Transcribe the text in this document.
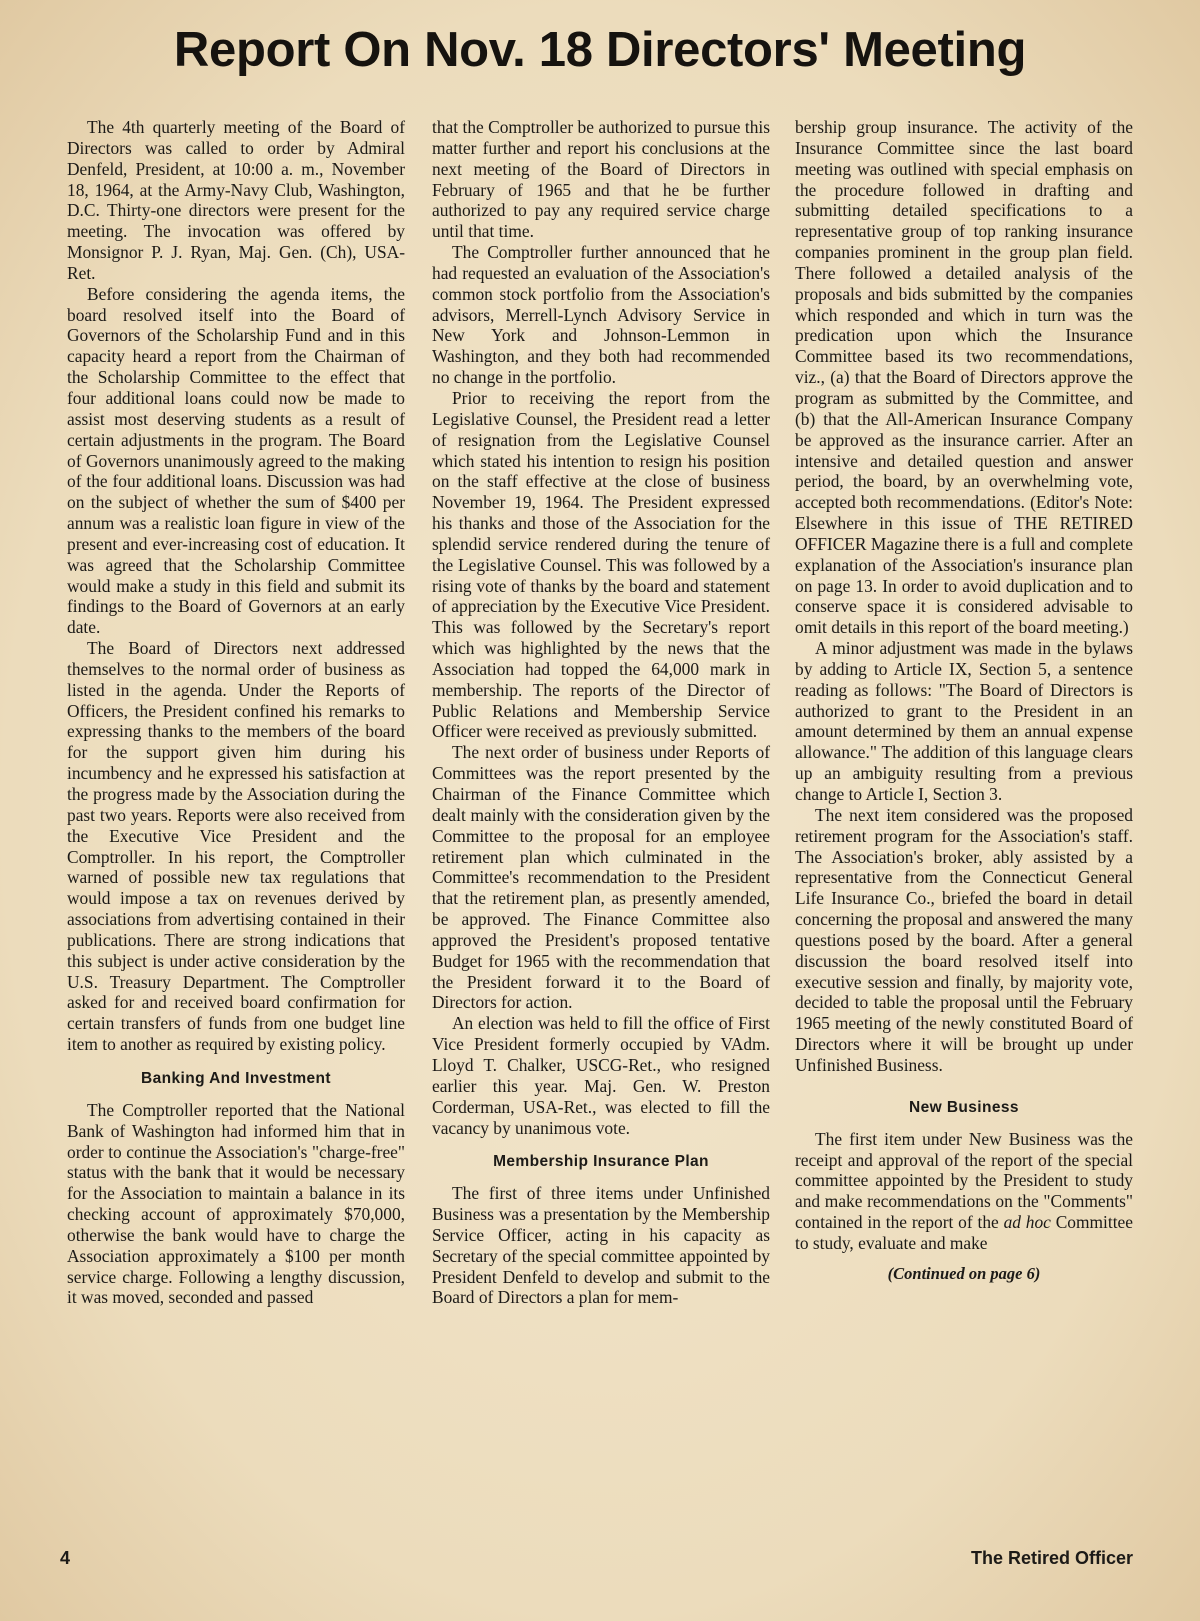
Report On Nov. 18 Directors' Meeting

The 4th quarterly meeting of the Board of Directors was called to order by Admiral Denfeld, President, at 10:00 a. m., November 18, 1964, at the Army-Navy Club, Washington, D.C. Thirty-one directors were present for the meeting. The invocation was offered by Monsignor P. J. Ryan, Maj. Gen. (Ch), USA-Ret.

Before considering the agenda items, the board resolved itself into the Board of Governors of the Scholarship Fund and in this capacity heard a report from the Chairman of the Scholarship Committee to the effect that four additional loans could now be made to assist most deserving students as a result of certain adjustments in the program. The Board of Governors unanimously agreed to the making of the four additional loans. Discussion was had on the subject of whether the sum of $400 per annum was a realistic loan figure in view of the present and ever-increasing cost of education. It was agreed that the Scholarship Committee would make a study in this field and submit its findings to the Board of Governors at an early date.

The Board of Directors next addressed themselves to the normal order of business as listed in the agenda. Under the Reports of Officers, the President confined his remarks to expressing thanks to the members of the board for the support given him during his incumbency and he expressed his satisfaction at the progress made by the Association during the past two years. Reports were also received from the Executive Vice President and the Comptroller. In his report, the Comptroller warned of possible new tax regulations that would impose a tax on revenues derived by associations from advertising contained in their publications. There are strong indications that this subject is under active consideration by the U.S. Treasury Department. The Comptroller asked for and received board confirmation for certain transfers of funds from one budget line item to another as required by existing policy.

Banking And Investment

The Comptroller reported that the National Bank of Washington had informed him that in order to continue the Association's "charge-free" status with the bank that it would be necessary for the Association to maintain a balance in its checking account of approximately $70,000, otherwise the bank would have to charge the Association approximately a $100 per month service charge. Following a lengthy discussion, it was moved, seconded and passed

that the Comptroller be authorized to pursue this matter further and report his conclusions at the next meeting of the Board of Directors in February of 1965 and that he be further authorized to pay any required service charge until that time.

The Comptroller further announced that he had requested an evaluation of the Association's common stock portfolio from the Association's advisors, Merrell-Lynch Advisory Service in New York and Johnson-Lemmon in Washington, and they both had recommended no change in the portfolio.

Prior to receiving the report from the Legislative Counsel, the President read a letter of resignation from the Legislative Counsel which stated his intention to resign his position on the staff effective at the close of business November 19, 1964. The President expressed his thanks and those of the Association for the splendid service rendered during the tenure of the Legislative Counsel. This was followed by a rising vote of thanks by the board and statement of appreciation by the Executive Vice President. This was followed by the Secretary's report which was highlighted by the news that the Association had topped the 64,000 mark in membership. The reports of the Director of Public Relations and Membership Service Officer were received as previously submitted.

The next order of business under Reports of Committees was the report presented by the Chairman of the Finance Committee which dealt mainly with the consideration given by the Committee to the proposal for an employee retirement plan which culminated in the Committee's recommendation to the President that the retirement plan, as presently amended, be approved. The Finance Committee also approved the President's proposed tentative Budget for 1965 with the recommendation that the President forward it to the Board of Directors for action.

An election was held to fill the office of First Vice President formerly occupied by VAdm. Lloyd T. Chalker, USCG-Ret., who resigned earlier this year. Maj. Gen. W. Preston Corderman, USA-Ret., was elected to fill the vacancy by unanimous vote.

Membership Insurance Plan

The first of three items under Unfinished Business was a presentation by the Membership Service Officer, acting in his capacity as Secretary of the special committee appointed by President Denfeld to develop and submit to the Board of Directors a plan for mem-

bership group insurance. The activity of the Insurance Committee since the last board meeting was outlined with special emphasis on the procedure followed in drafting and submitting detailed specifications to a representative group of top ranking insurance companies prominent in the group plan field. There followed a detailed analysis of the proposals and bids submitted by the companies which responded and which in turn was the predication upon which the Insurance Committee based its two recommendations, viz., (a) that the Board of Directors approve the program as submitted by the Committee, and (b) that the All-American Insurance Company be approved as the insurance carrier. After an intensive and detailed question and answer period, the board, by an overwhelming vote, accepted both recommendations. (Editor's Note: Elsewhere in this issue of THE RETIRED OFFICER Magazine there is a full and complete explanation of the Association's insurance plan on page 13. In order to avoid duplication and to conserve space it is considered advisable to omit details in this report of the board meeting.)

A minor adjustment was made in the bylaws by adding to Article IX, Section 5, a sentence reading as follows: "The Board of Directors is authorized to grant to the President in an amount determined by them an annual expense allowance." The addition of this language clears up an ambiguity resulting from a previous change to Article I, Section 3.

The next item considered was the proposed retirement program for the Association's staff. The Association's broker, ably assisted by a representative from the Connecticut General Life Insurance Co., briefed the board in detail concerning the proposal and answered the many questions posed by the board. After a general discussion the board resolved itself into executive session and finally, by majority vote, decided to table the proposal until the February 1965 meeting of the newly constituted Board of Directors where it will be brought up under Unfinished Business.

New Business

The first item under New Business was the receipt and approval of the report of the special committee appointed by the President to study and make recommendations on the "Comments" contained in the report of the ad hoc Committee to study, evaluate and make

(Continued on page 6)
4	The Retired Officer
